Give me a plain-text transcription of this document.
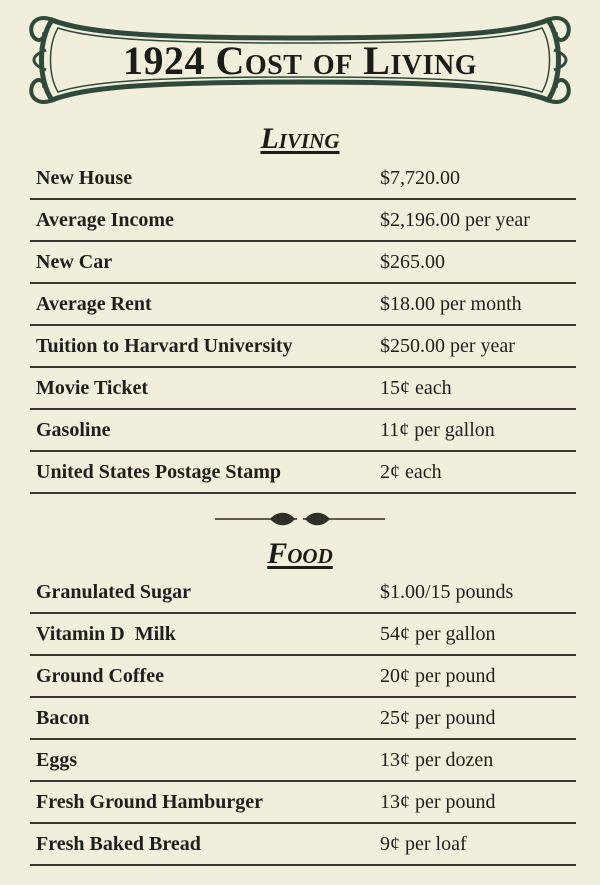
1924 Cost of Living
Living
New House	$7,720.00
Average Income	$2,196.00 per year
New Car	$265.00
Average Rent	$18.00 per month
Tuition to Harvard University	$250.00 per year
Movie Ticket	15¢ each
Gasoline	11¢ per gallon
United States Postage Stamp	2¢ each
Food
Granulated Sugar	$1.00/15 pounds
Vitamin D  Milk	54¢ per gallon
Ground Coffee	20¢ per pound
Bacon	25¢ per pound
Eggs	13¢ per dozen
Fresh Ground Hamburger	13¢ per pound
Fresh Baked Bread	9¢ per loaf
